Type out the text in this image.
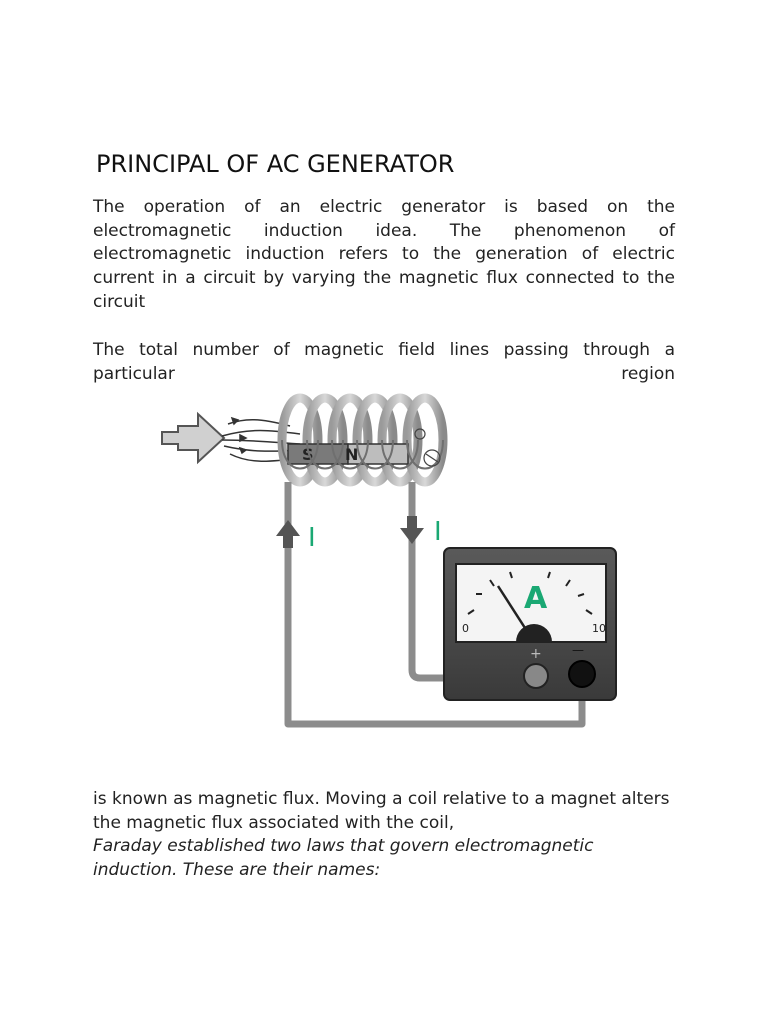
PRINCIPAL OF AC GENERATOR

The operation of an electric generator is based on the electromagnetic induction idea. The phenomenon of electromagnetic induction refers to the generation of electric current in a circuit by varying the magnetic flux connected to the circuit

The total number of magnetic field lines passing through a particular region

S N
I	I
0	10
A
+	—

is known as magnetic flux. Moving a coil relative to a magnet alters the magnetic flux associated with the coil,

Faraday established two laws that govern electromagnetic induction. These are their names:
